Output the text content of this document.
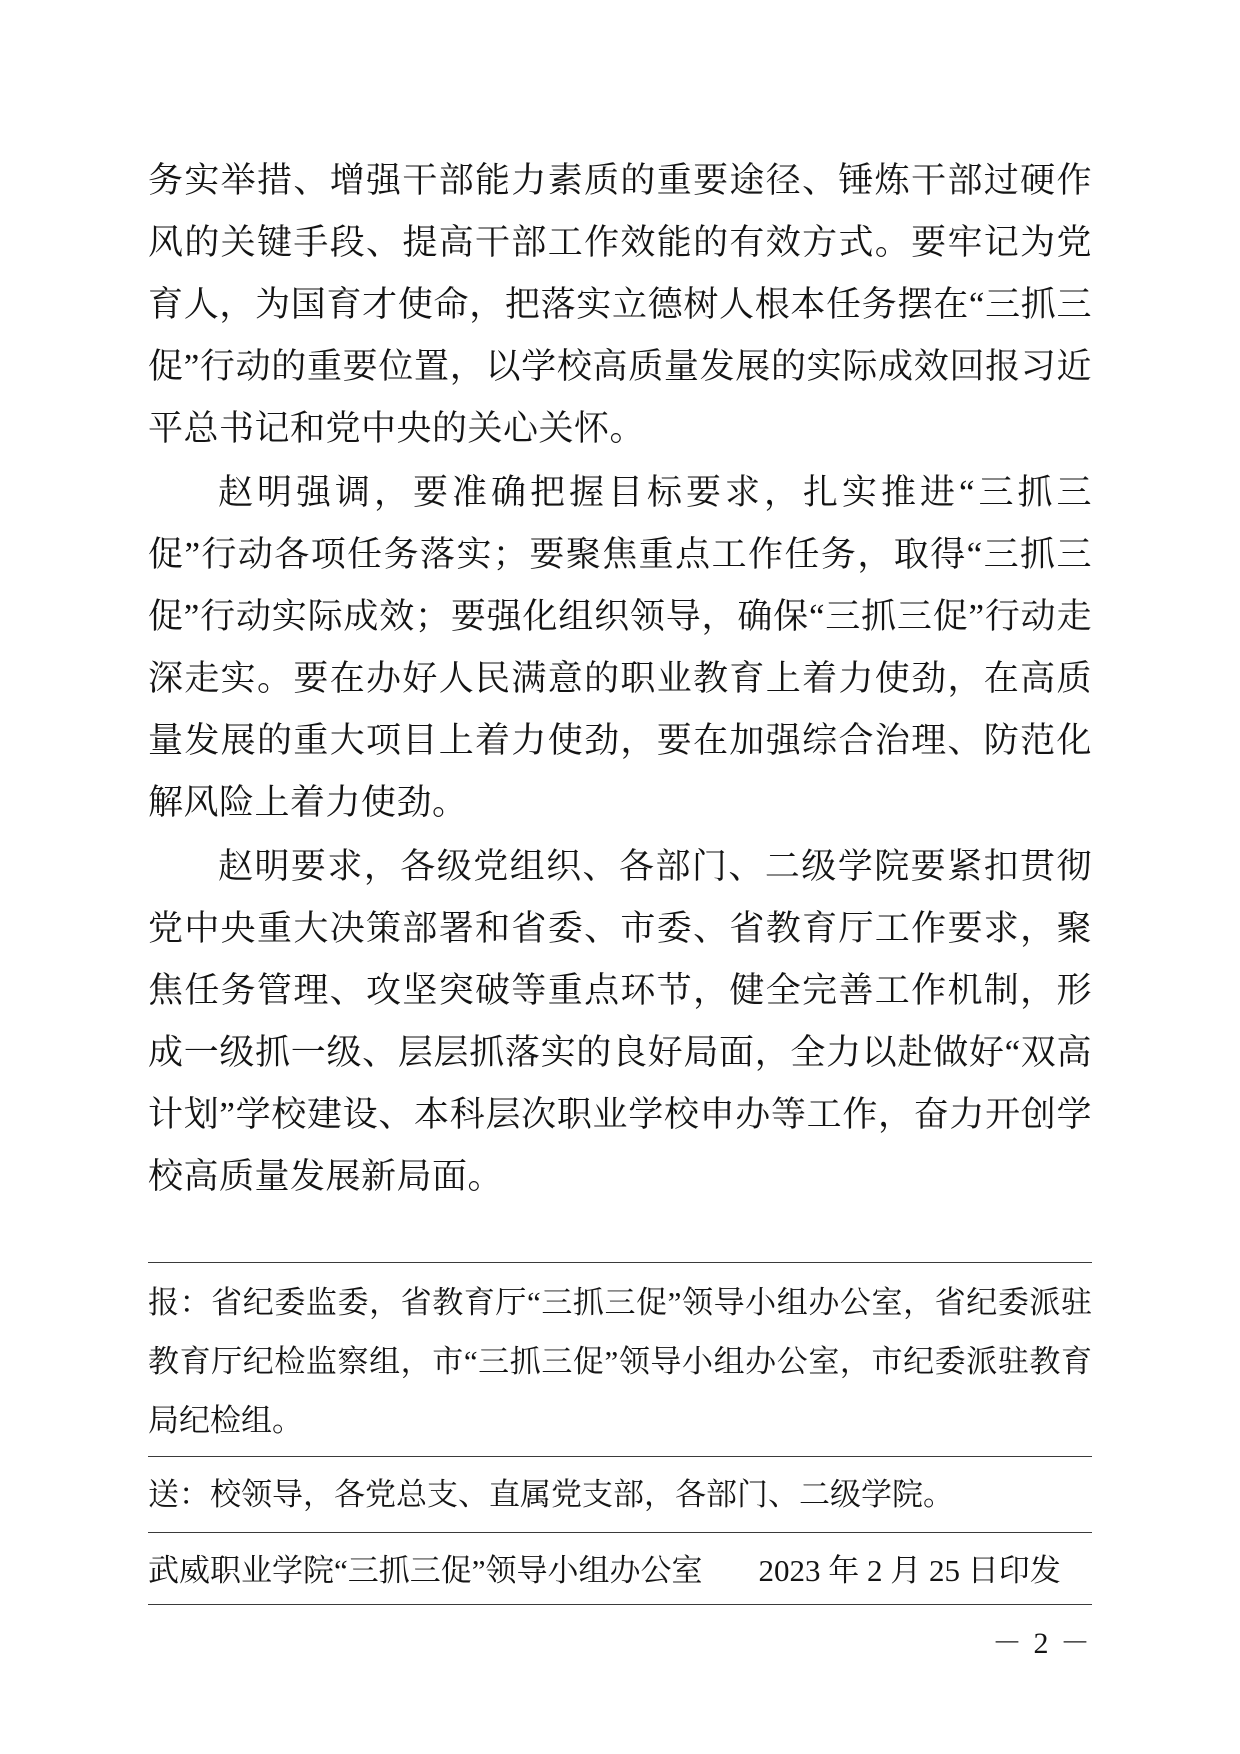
务实举措、增强干部能力素质的重要途径、锤炼干部过硬作风的关键手段、提高干部工作效能的有效方式。要牢记为党育人，为国育才使命，把落实立德树人根本任务摆在“三抓三促”行动的重要位置，以学校高质量发展的实际成效回报习近平总书记和党中央的关心关怀。

赵明强调，要准确把握目标要求，扎实推进“三抓三促”行动各项任务落实；要聚焦重点工作任务，取得“三抓三促”行动实际成效；要强化组织领导，确保“三抓三促”行动走深走实。要在办好人民满意的职业教育上着力使劲，在高质量发展的重大项目上着力使劲，要在加强综合治理、防范化解风险上着力使劲。

赵明要求，各级党组织、各部门、二级学院要紧扣贯彻党中央重大决策部署和省委、市委、省教育厅工作要求，聚焦任务管理、攻坚突破等重点环节，健全完善工作机制，形成一级抓一级、层层抓落实的良好局面，全力以赴做好“双高计划”学校建设、本科层次职业学校申办等工作，奋力开创学校高质量发展新局面。

报：省纪委监委，省教育厅“三抓三促”领导小组办公室，省纪委派驻教育厅纪检监察组，市“三抓三促”领导小组办公室，市纪委派驻教育局纪检组。

送：校领导，各党总支、直属党支部，各部门、二级学院。

武威职业学院“三抓三促”领导小组办公室 2023 年 2 月 25 日印发

－ 2 －
